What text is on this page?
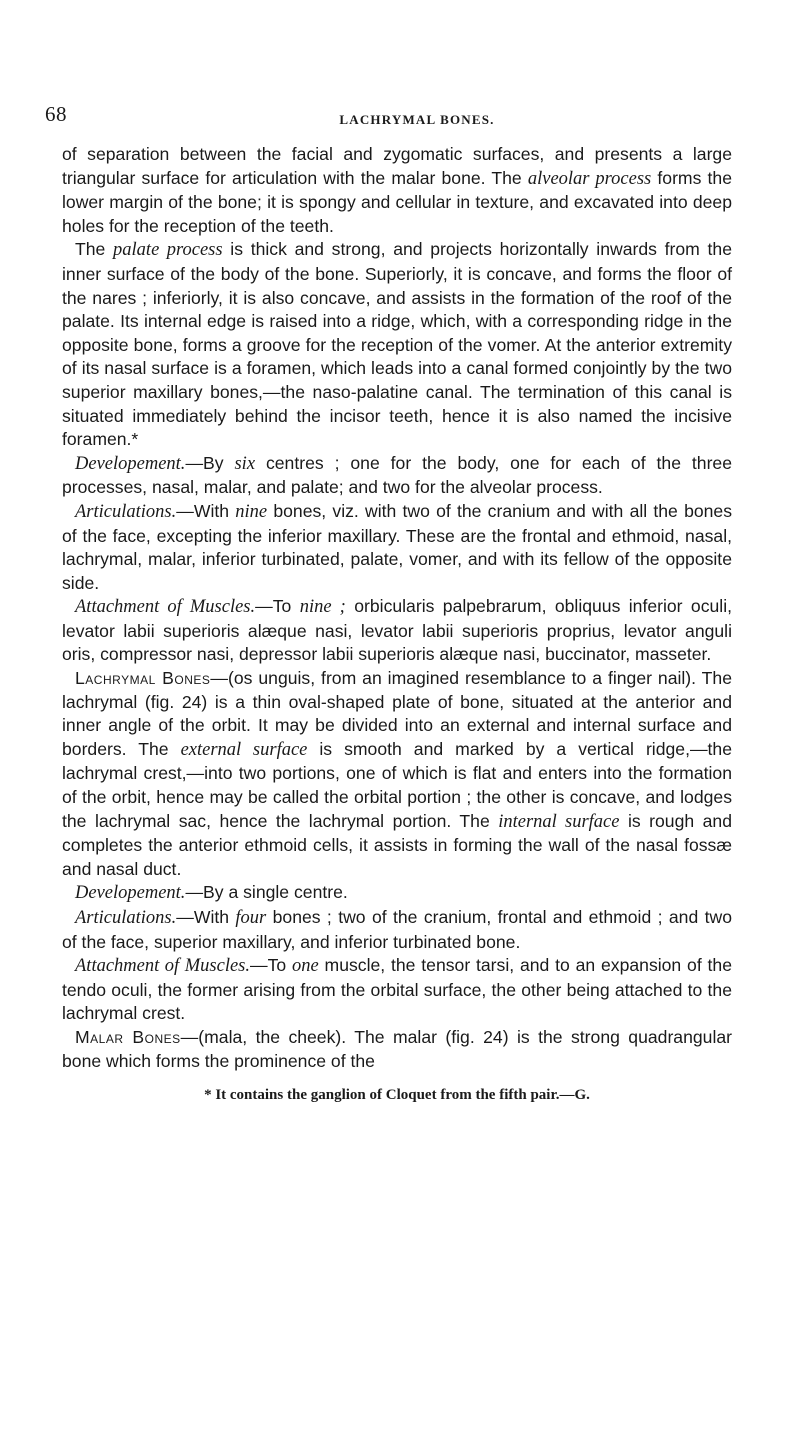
68	LACHRYMAL BONES.

of separation between the facial and zygomatic surfaces, and presents a large triangular surface for articulation with the malar bone. The alveolar process forms the lower margin of the bone; it is spongy and cellular in texture, and excavated into deep holes for the reception of the teeth.

The palate process is thick and strong, and projects horizontally inwards from the inner surface of the body of the bone. Superiorly, it is concave, and forms the floor of the nares ; inferiorly, it is also concave, and assists in the formation of the roof of the palate. Its internal edge is raised into a ridge, which, with a corresponding ridge in the opposite bone, forms a groove for the reception of the vomer. At the anterior extremity of its nasal surface is a foramen, which leads into a canal formed conjointly by the two superior maxillary bones,—the naso-palatine canal. The termination of this canal is situated immediately behind the incisor teeth, hence it is also named the incisive foramen.*

Developement.—By six centres ; one for the body, one for each of the three processes, nasal, malar, and palate; and two for the alveolar process.

Articulations.—With nine bones, viz. with two of the cranium and with all the bones of the face, excepting the inferior maxillary. These are the frontal and ethmoid, nasal, lachrymal, malar, inferior turbinated, palate, vomer, and with its fellow of the opposite side.

Attachment of Muscles.—To nine ; orbicularis palpebrarum, obliquus inferior oculi, levator labii superioris alæque nasi, levator labii superioris proprius, levator anguli oris, compressor nasi, depressor labii superioris alæque nasi, buccinator, masseter.

Lachrymal Bones—(os unguis, from an imagined resemblance to a finger nail). The lachrymal (fig. 24) is a thin oval-shaped plate of bone, situated at the anterior and inner angle of the orbit. It may be divided into an external and internal surface and borders. The external surface is smooth and marked by a vertical ridge,—the lachrymal crest,—into two portions, one of which is flat and enters into the formation of the orbit, hence may be called the orbital portion ; the other is concave, and lodges the lachrymal sac, hence the lachrymal portion. The internal surface is rough and completes the anterior ethmoid cells, it assists in forming the wall of the nasal fossæ and nasal duct.

Developement.—By a single centre.

Articulations.—With four bones ; two of the cranium, frontal and ethmoid ; and two of the face, superior maxillary, and inferior turbinated bone.

Attachment of Muscles.—To one muscle, the tensor tarsi, and to an expansion of the tendo oculi, the former arising from the orbital surface, the other being attached to the lachrymal crest.

Malar Bones—(mala, the cheek). The malar (fig. 24) is the strong quadrangular bone which forms the prominence of the

* It contains the ganglion of Cloquet from the fifth pair.—G.
